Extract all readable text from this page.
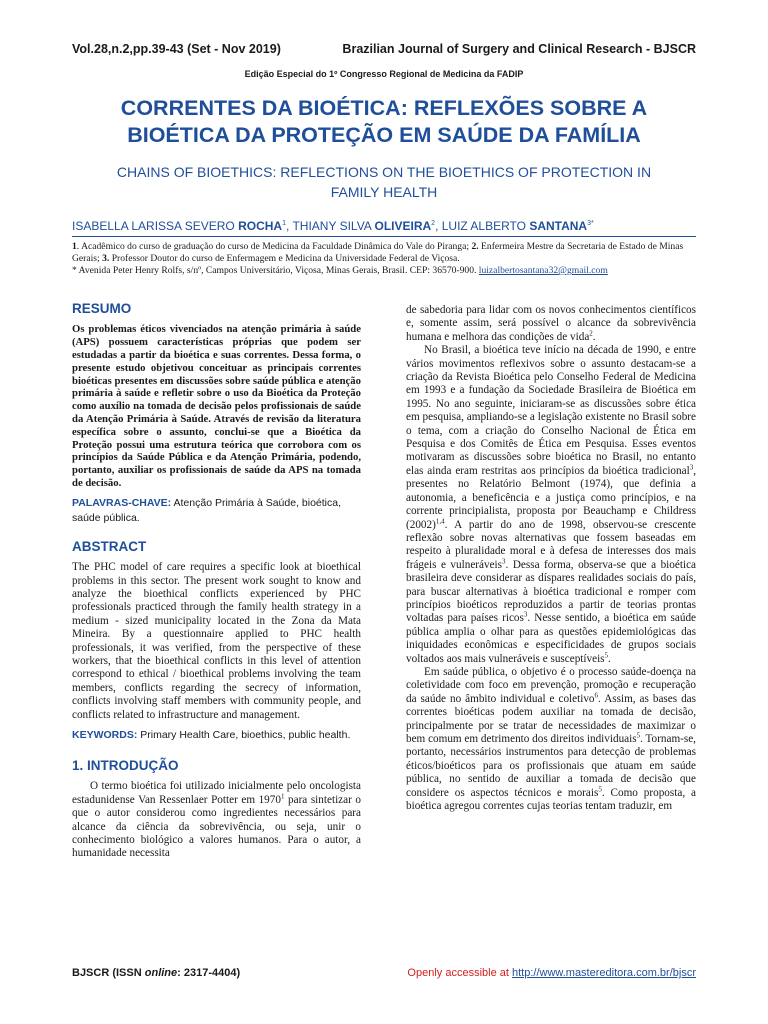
Vol.28,n.2,pp.39-43 (Set - Nov 2019)	Brazilian Journal of Surgery and Clinical Research - BJSCR
Edição Especial do 1º Congresso Regional de Medicina da FADIP
CORRENTES DA BIOÉTICA: REFLEXÕES SOBRE A
BIOÉTICA DA PROTEÇÃO EM SAÚDE DA FAMÍLIA
CHAINS OF BIOETHICS: REFLECTIONS ON THE BIOETHICS OF PROTECTION IN
FAMILY HEALTH
ISABELLA LARISSA SEVERO ROCHA$^1$, THIANY SILVA OLIVEIRA$^2$, LUIZ ALBERTO $SANTANA^{3*}$
1. Acadêmico do curso de graduação do curso de Medicina da Faculdade Dinâmica do Vale do Piranga; 2. Enfermeira Mestre da Secretaria de Estado de Minas Gerais; 3. Professor Doutor do curso de Enfermagem e Medicina da Universidade Federal de Viçosa.
* Avenida Peter Henry Rolfs, s/nº, Campos Universitário, Viçosa, Minas Gerais, Brasil. CEP: 36570-900. luizalbertosantana32@gmail.com
RESUMO

Os problemas éticos vivenciados na atenção primária à saúde (APS) possuem características próprias que podem ser estudadas a partir da bioética e suas correntes. Dessa forma, o presente estudo objetivou conceituar as principais correntes bioéticas presentes em discussões sobre saúde pública e atenção primária à saúde e refletir sobre o uso da Bioética da Proteção como auxílio na tomada de decisão pelos profissionais de saúde da Atenção Primária à Saúde. Através de revisão da literatura específica sobre o assunto, conclui-se que a Bioética da Proteção possui uma estrutura teórica que corrobora com os princípios da Saúde Pública e da Atenção Primária, podendo, portanto, auxiliar os profissionais de saúde da APS na tomada de decisão.

PALAVRAS-CHAVE: Atenção Primária à Saúde, bioética, saúde pública.

ABSTRACT

The PHC model of care requires a specific look at bioethical problems in this sector. The present work sought to know and analyze the bioethical conflicts experienced by PHC professionals practiced through the family health strategy in a medium - sized municipality located in the Zona da Mata Mineira. By a questionnaire applied to PHC health professionals, it was verified, from the perspective of these workers, that the bioethical conflicts in this level of attention correspond to ethical / bioethical problems involving the team members, conflicts regarding the secrecy of information, conflicts involving staff members with community people, and conflicts related to infrastructure and management.

KEYWORDS: Primary Health Care, bioethics, public health.

1. INTRODUÇÃO

O termo bioética foi utilizado inicialmente pelo oncologista estadunidense Van Ressenlaer Potter em 1970$^1$ para sintetizar o que o autor considerou como ingredientes necessários para alcance da ciência da sobrevivência, ou seja, unir o conhecimento biológico a valores humanos. Para o autor, a humanidade necessita

de sabedoria para lidar com os novos conhecimentos científicos e, somente assim, será possível o alcance da sobrevivência humana e melhora das condições de vida$^2$.

No Brasil, a bioética teve início na década de 1990, e entre vários movimentos reflexivos sobre o assunto destacam-se a criação da Revista Bioética pelo Conselho Federal de Medicina em 1993 e a fundação da Sociedade Brasileira de Bioética em 1995. No ano seguinte, iniciaram-se as discussões sobre ética em pesquisa, ampliando-se a legislação existente no Brasil sobre o tema, com a criação do Conselho Nacional de Ética em Pesquisa e dos Comitês de Ética em Pesquisa. Esses eventos motivaram as discussões sobre bioética no Brasil, no entanto elas ainda eram restritas aos princípios da bioética tradicional$^3$, presentes no Relatório Belmont (1974), que definia a autonomia, a beneficência e a justiça como princípios, e na corrente principialista, proposta por Beauchamp e Childress $(2002)^{1,4}$. A partir do ano de 1998, observou-se crescente reflexão sobre novas alternativas que fossem baseadas em respeito à pluralidade moral e à defesa de interesses dos mais frágeis e vulneráveis$^3$. Dessa forma, observa-se que a bioética brasileira deve considerar as díspares realidades sociais do país, para buscar alternativas à bioética tradicional e romper com princípios bioéticos reproduzidos a partir de teorias prontas voltadas para países ricos$^3$. Nesse sentido, a bioética em saúde pública amplia o olhar para as questões epidemiológicas das iniquidades econômicas e especificidades de grupos sociais voltados aos mais vulneráveis e susceptíveis$^5$.

Em saúde pública, o objetivo é o processo saúde-doença na coletividade com foco em prevenção, promoção e recuperação da saúde no âmbito individual e coletivo$^6$. Assim, as bases das correntes bioéticas podem auxiliar na tomada de decisão, principalmente por se tratar de necessidades de maximizar o bem comum em detrimento dos direitos individuais$^5$. Tornam-se, portanto, necessários instrumentos para detecção de problemas éticos/bioéticos para os profissionais que atuam em saúde pública, no sentido de auxiliar a tomada de decisão que considere os aspectos técnicos e morais$^5$. Como proposta, a bioética agregou correntes cujas teorias tentam traduzir, em

BJSCR (ISSN online: 2317-4404)	Openly accessible at http://www.mastereditora.com.br/bjscr
